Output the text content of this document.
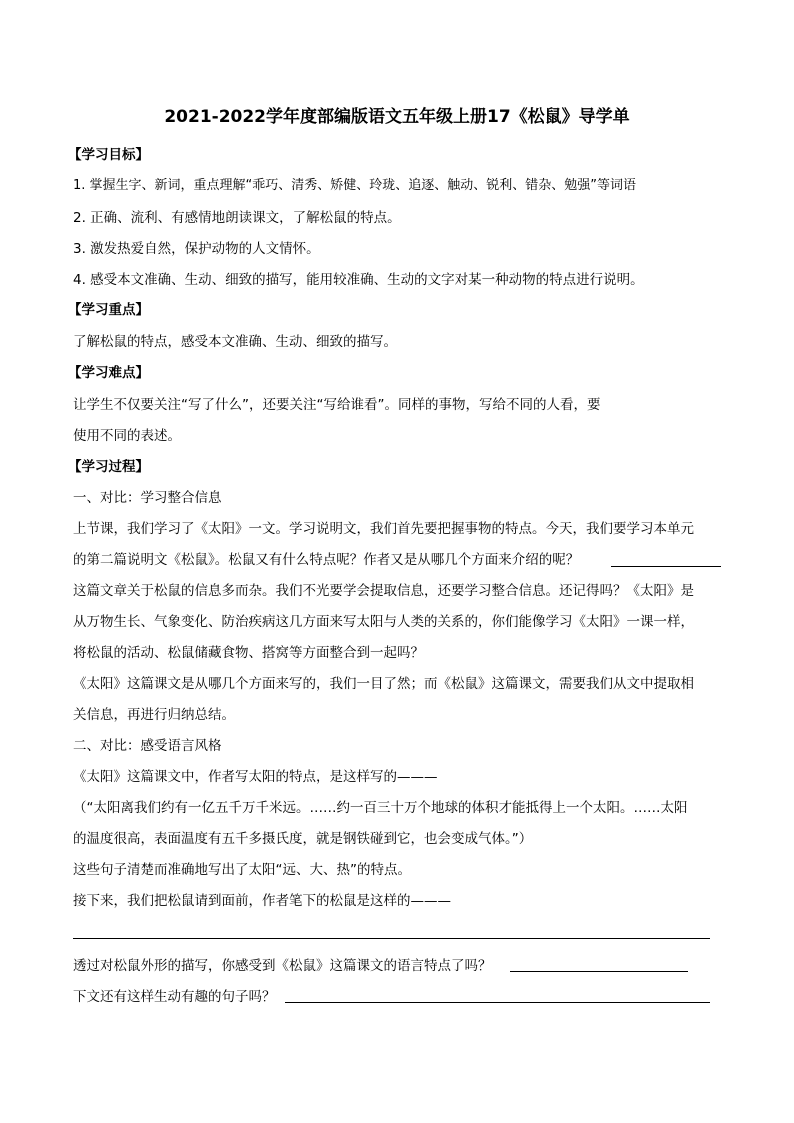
2021-2022学年度部编版语文五年级上册17《松鼠》导学单
【学习目标】
1. 掌握生字、新词，重点理解“乖巧、清秀、矫健、玲珑、追逐、触动、锐利、错杂、勉强”等词语
2. 正确、流利、有感情地朗读课文，了解松鼠的特点。
3. 激发热爱自然，保护动物的人文情怀。
4. 感受本文准确、生动、细致的描写，能用较准确、生动的文字对某一种动物的特点进行说明。
【学习重点】
了解松鼠的特点，感受本文准确、生动、细致的描写。
【学习难点】
让学生不仅要关注“写了什么”，还要关注“写给谁看”。同样的事物，写给不同的人看，要
使用不同的表述。
【学习过程】
一、对比：学习整合信息
上节课，我们学习了《太阳》一文。学习说明文，我们首先要把握事物的特点。今天，我们要学习本单元
的第二篇说明文《松鼠》。松鼠又有什么特点呢？作者又是从哪几个方面来介绍的呢？
这篇文章关于松鼠的信息多而杂。我们不光要学会提取信息，还要学习整合信息。还记得吗？《太阳》是
从万物生长、气象变化、防治疾病这几方面来写太阳与人类的关系的，你们能像学习《太阳》一课一样，
将松鼠的活动、松鼠储藏食物、搭窝等方面整合到一起吗？
《太阳》这篇课文是从哪几个方面来写的，我们一目了然；而《松鼠》这篇课文，需要我们从文中提取相
关信息，再进行归纳总结。
二、对比：感受语言风格
《太阳》这篇课文中，作者写太阳的特点，是这样写的———
（“太阳离我们约有一亿五千万千米远。……约一百三十万个地球的体积才能抵得上一个太阳。……太阳
的温度很高，表面温度有五千多摄氏度，就是钢铁碰到它，也会变成气体。”）
这些句子清楚而准确地写出了太阳“远、大、热”的特点。
接下来，我们把松鼠请到面前，作者笔下的松鼠是这样的———
透过对松鼠外形的描写，你感受到《松鼠》这篇课文的语言特点了吗？
下文还有这样生动有趣的句子吗？
